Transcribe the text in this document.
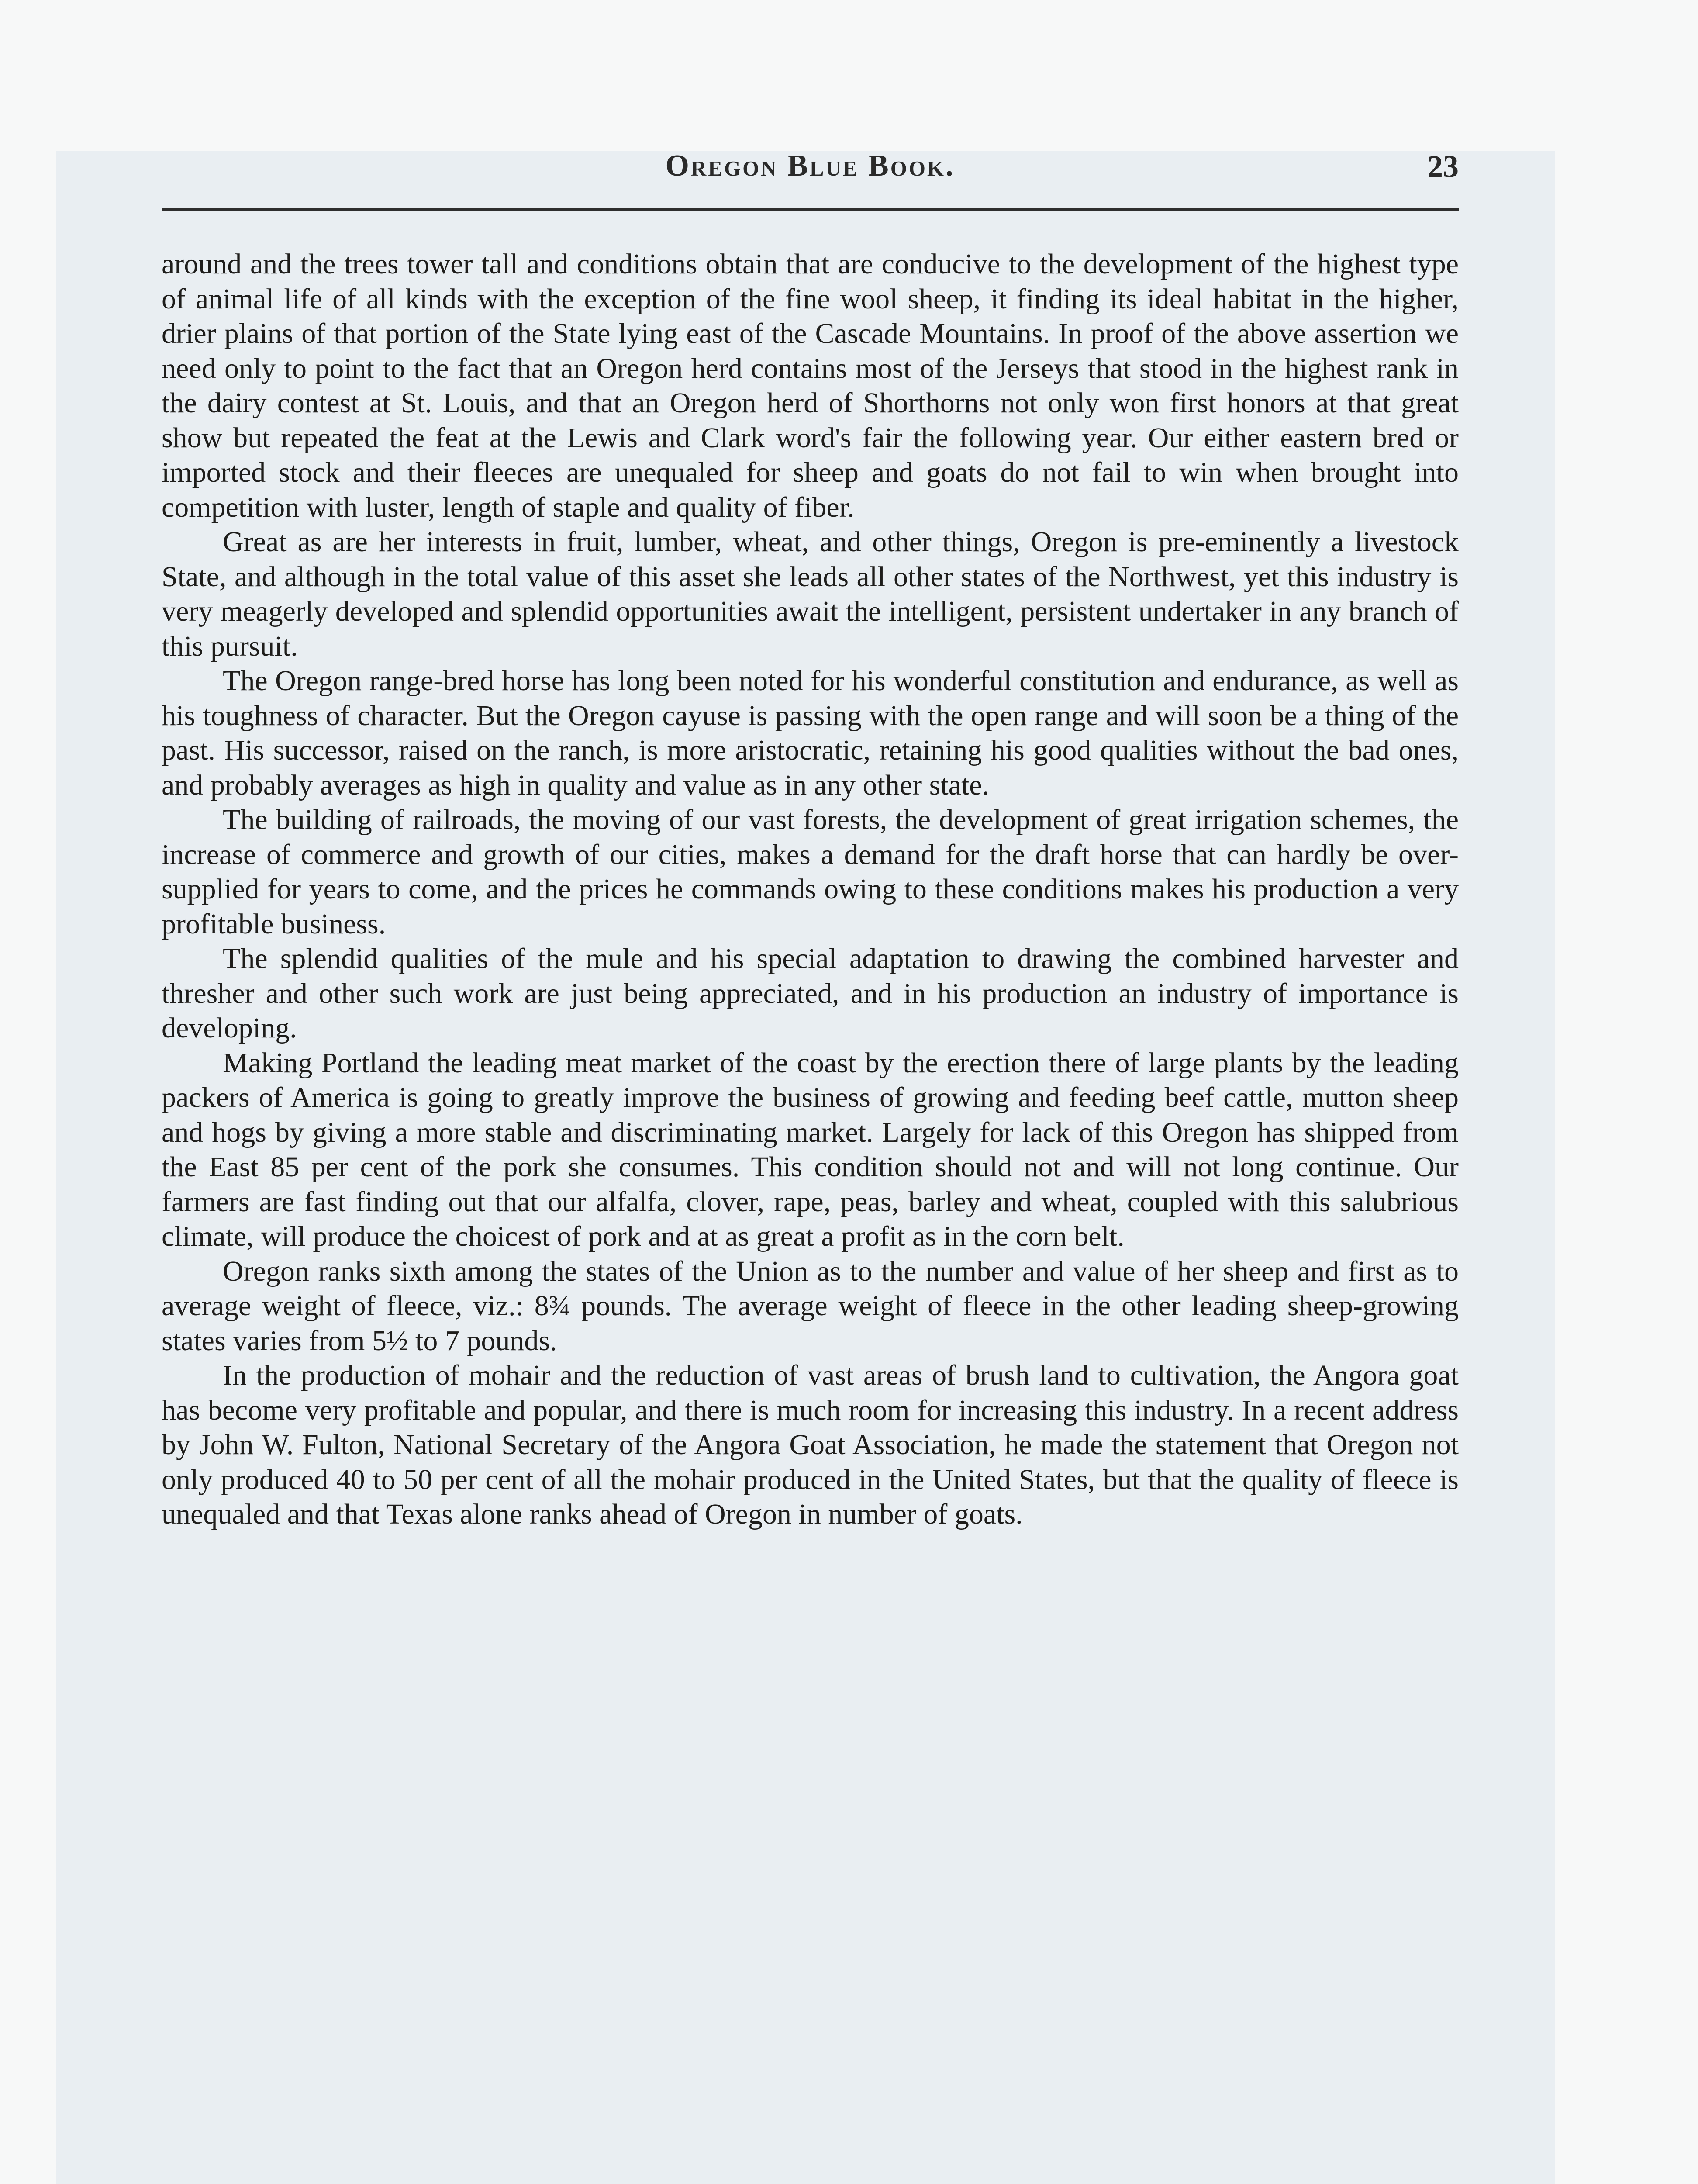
Oregon Blue Book.	23

around and the trees tower tall and conditions obtain that are conducive to the development of the highest type of animal life of all kinds with the exception of the fine wool sheep, it finding its ideal habitat in the higher, drier plains of that portion of the State lying east of the Cascade Mountains. In proof of the above assertion we need only to point to the fact that an Oregon herd contains most of the Jerseys that stood in the highest rank in the dairy contest at St. Louis, and that an Oregon herd of Shorthorns not only won first honors at that great show but repeated the feat at the Lewis and Clark word's fair the following year. Our either eastern bred or imported stock and their fleeces are unequaled for sheep and goats do not fail to win when brought into competition with luster, length of staple and quality of fiber.

Great as are her interests in fruit, lumber, wheat, and other things, Oregon is pre-eminently a livestock State, and although in the total value of this asset she leads all other states of the Northwest, yet this industry is very meagerly developed and splendid opportunities await the intelligent, persistent undertaker in any branch of this pursuit.

The Oregon range-bred horse has long been noted for his wonderful constitution and endurance, as well as his toughness of character. But the Oregon cayuse is passing with the open range and will soon be a thing of the past. His successor, raised on the ranch, is more aristocratic, retaining his good qualities without the bad ones, and probably averages as high in quality and value as in any other state.

The building of railroads, the moving of our vast forests, the development of great irrigation schemes, the increase of commerce and growth of our cities, makes a demand for the draft horse that can hardly be over-supplied for years to come, and the prices he commands owing to these conditions makes his production a very profitable business.

The splendid qualities of the mule and his special adaptation to drawing the combined harvester and thresher and other such work are just being appreciated, and in his production an industry of importance is developing.

Making Portland the leading meat market of the coast by the erection there of large plants by the leading packers of America is going to greatly improve the business of growing and feeding beef cattle, mutton sheep and hogs by giving a more stable and discriminating market. Largely for lack of this Oregon has shipped from the East 85 per cent of the pork she consumes. This condition should not and will not long continue. Our farmers are fast finding out that our alfalfa, clover, rape, peas, barley and wheat, coupled with this salubrious climate, will produce the choicest of pork and at as great a profit as in the corn belt.

Oregon ranks sixth among the states of the Union as to the number and value of her sheep and first as to average weight of fleece, viz.: 8¾ pounds. The average weight of fleece in the other leading sheep-growing states varies from 5½ to 7 pounds.

In the production of mohair and the reduction of vast areas of brush land to cultivation, the Angora goat has become very profitable and popular, and there is much room for increasing this industry. In a recent address by John W. Fulton, National Secretary of the Angora Goat Association, he made the statement that Oregon not only produced 40 to 50 per cent of all the mohair produced in the United States, but that the quality of fleece is unequaled and that Texas alone ranks ahead of Oregon in number of goats.
